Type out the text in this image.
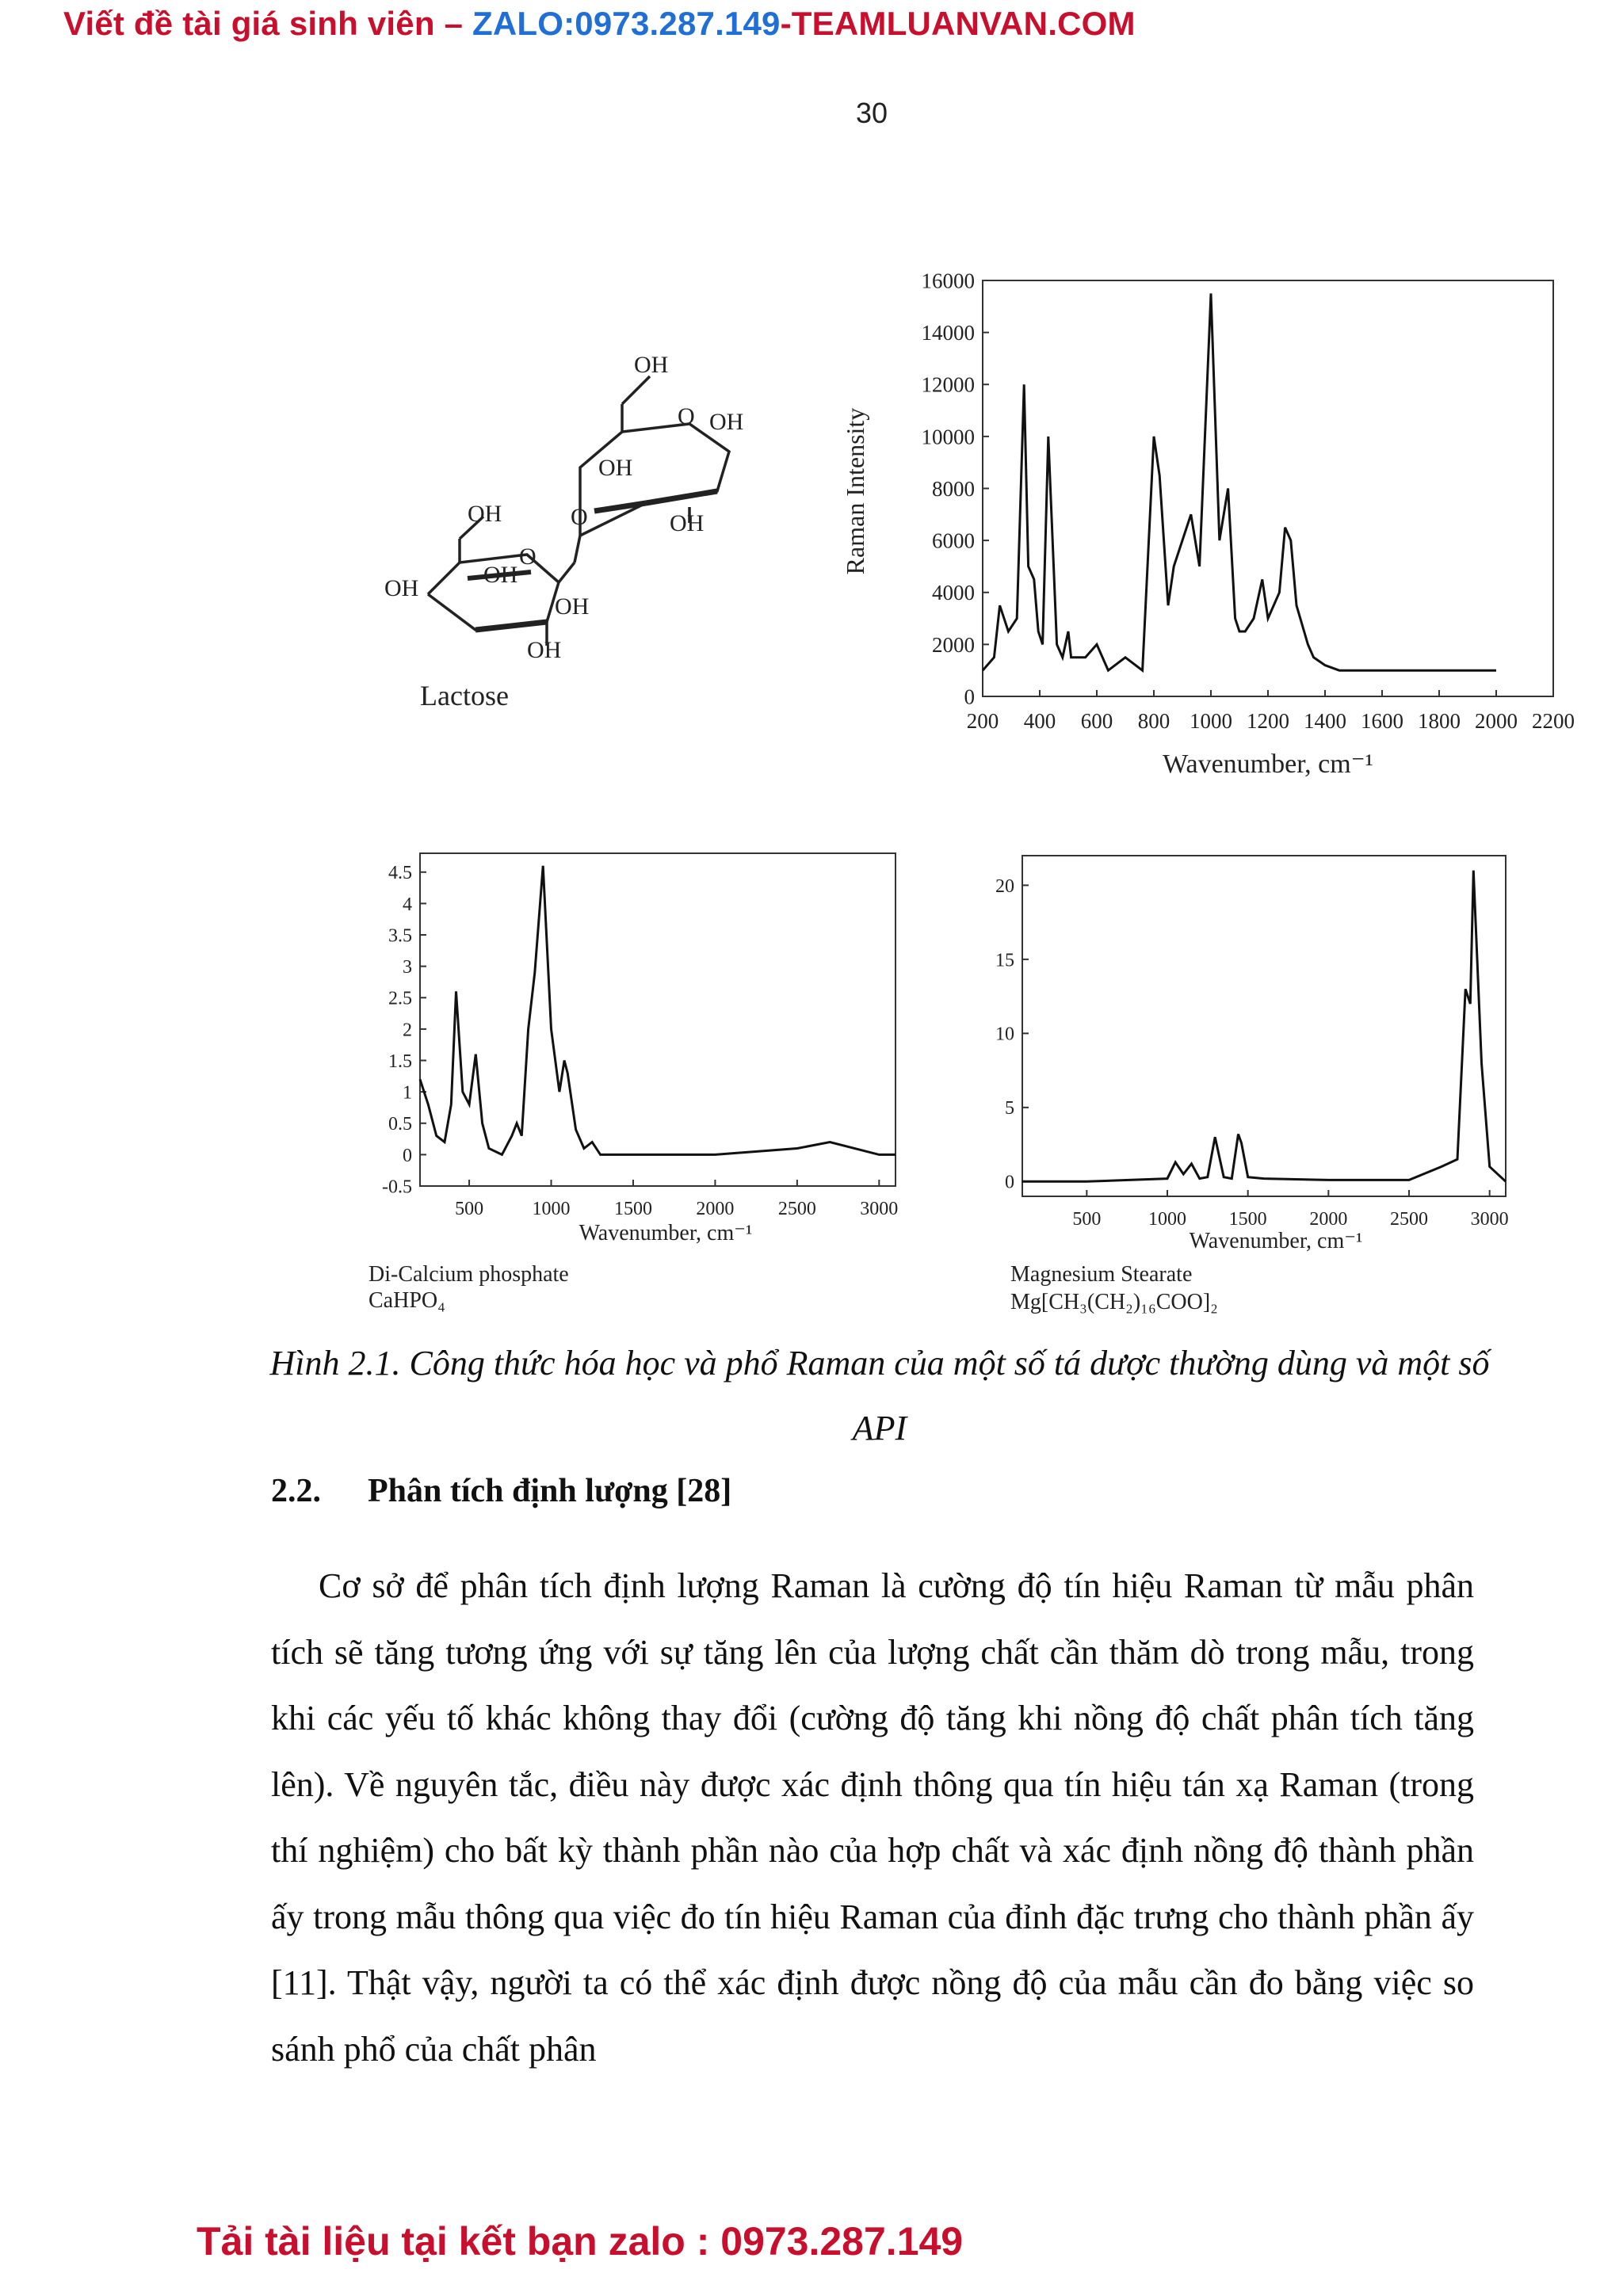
Viết đề tài giá sinh viên – ZALO:0973.287.149-TEAMLUANVAN.COM
30
OH
OH
OH
OH
OH
OH
OH
OH
OH
O
O
O
Lactose
200 400 600 800 1000 1200 1400 1600 1800 2000 2200
0
2000
4000
6000
8000
10000
12000
14000
16000
Raman Intensity
Wavenumber, cm⁻¹
500	1000 1500 2000 2500 3000
-0.5
0
0.5
1
1.5
2
2.5
3
3.5
4
4.5
Wavenumber, cm⁻¹
Di-Calcium phosphate
CaHPO₄
500 1000 1500 2000 2500 3000
0
5
10
15
20
Wavenumber, cm⁻¹
Magnesium Stearate
Mg[CH₃(CH₂)₁₆COO]₂
Hình 2.1. Công thức hóa học và phổ Raman của một số tá dược thường dùng và một số API
2.2. Phân tích định lượng [28]

Cơ sở để phân tích định lượng Raman là cường độ tín hiệu Raman từ mẫu phân tích sẽ tăng tương ứng với sự tăng lên của lượng chất cần thăm dò trong mẫu, trong khi các yếu tố khác không thay đổi (cường độ tăng khi nồng độ chất phân tích tăng lên). Về nguyên tắc, điều này được xác định thông qua tín hiệu tán xạ Raman (trong thí nghiệm) cho bất kỳ thành phần nào của hợp chất và xác định nồng độ thành phần ấy trong mẫu thông qua việc đo tín hiệu Raman của đỉnh đặc trưng cho thành phần ấy [11]. Thật vậy, người ta có thể xác định được nồng độ của mẫu cần đo bằng việc so sánh phổ của chất phân

Tải tài liệu tại kết bạn zalo : 0973.287.149
